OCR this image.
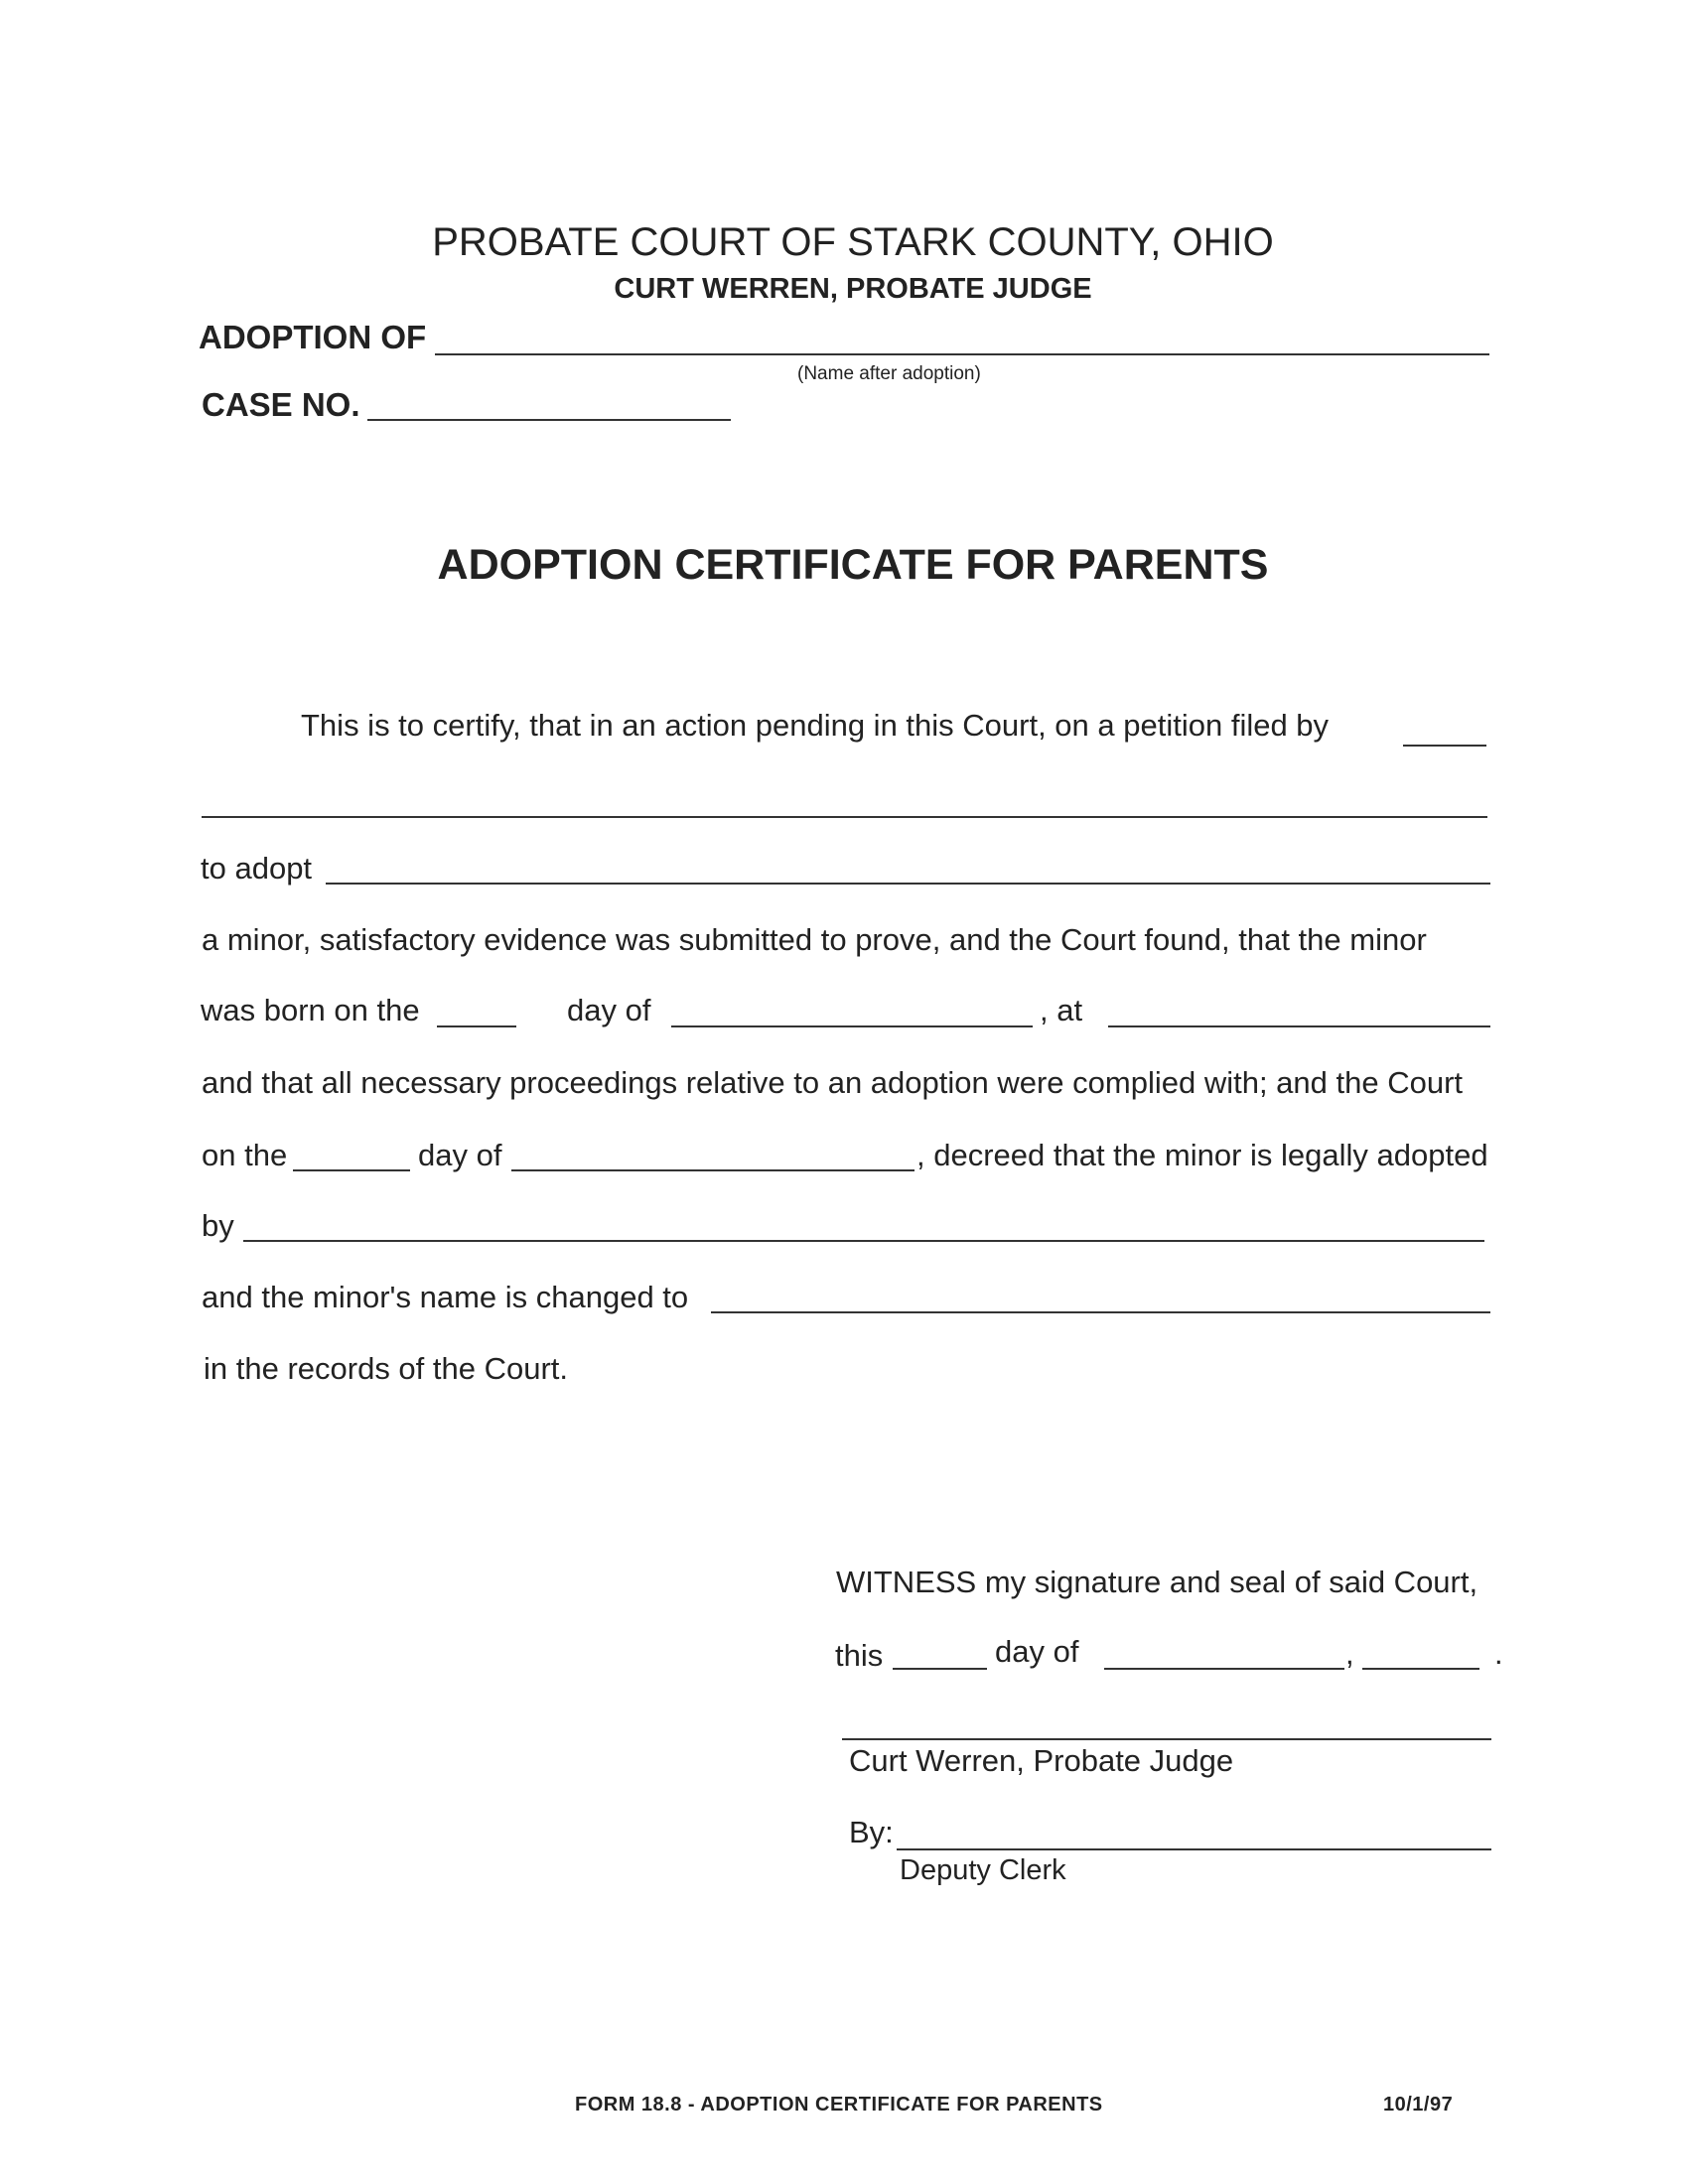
PROBATE COURT OF STARK COUNTY, OHIO
CURT WERREN, PROBATE JUDGE
ADOPTION OF
(Name after adoption)
CASE NO.
ADOPTION CERTIFICATE FOR PARENTS
This is to certify, that in an action pending in this Court, on a petition filed by
to adopt
a minor, satisfactory evidence was submitted to prove, and the Court found, that the minor
was born on the	day of	, at
and that all necessary proceedings relative to an adoption were complied with; and the Court
on the	day of	, decreed that the minor is legally adopted
by
and the minor's name is changed to
in the records of the Court.
WITNESS my signature and seal of said Court,
this	day of	,	.
Curt Werren, Probate Judge
By:
Deputy Clerk
FORM 18.8 - ADOPTION CERTIFICATE FOR PARENTS	10/1/97
